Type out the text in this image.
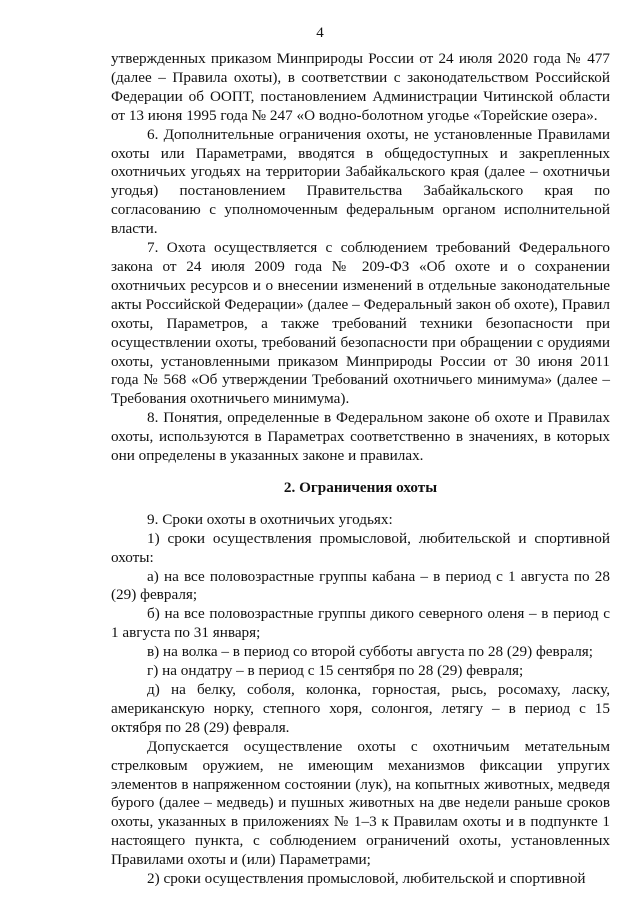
4

утвержденных приказом Минприроды России от 24 июля 2020 года № 477 (далее – Правила охоты), в соответствии с законодательством Российской Федерации об ООПТ, постановлением Администрации Читинской области от 13 июня 1995 года № 247 «О водно-болотном угодье «Торейские озера».

6. Дополнительные ограничения охоты, не установленные Правилами охоты или Параметрами, вводятся в общедоступных и закрепленных охотничьих угодьях на территории Забайкальского края (далее – охотничьи угодья) постановлением Правительства Забайкальского края по согласованию с уполномоченным федеральным органом исполнительной власти.

7. Охота осуществляется с соблюдением требований Федерального закона от 24 июля 2009 года № 209-ФЗ «Об охоте и о сохранении охотничьих ресурсов и о внесении изменений в отдельные законодательные акты Российской Федерации» (далее – Федеральный закон об охоте), Правил охоты, Параметров, а также требований техники безопасности при осуществлении охоты, требований безопасности при обращении с орудиями охоты, установленными приказом Минприроды России от 30 июня 2011 года № 568 «Об утверждении Требований охотничьего минимума» (далее – Требования охотничьего минимума).

8. Понятия, определенные в Федеральном законе об охоте и Правилах охоты, используются в Параметрах соответственно в значениях, в которых они определены в указанных законе и правилах.

2. Ограничения охоты

9. Сроки охоты в охотничьих угодьях:

1) сроки осуществления промысловой, любительской и спортивной охоты:

а) на все половозрастные группы кабана – в период с 1 августа по 28 (29) февраля;

б) на все половозрастные группы дикого северного оленя – в период с 1 августа по 31 января;

в) на волка – в период со второй субботы августа по 28 (29) февраля;

г) на ондатру – в период с 15 сентября по 28 (29) февраля;

д) на белку, соболя, колонка, горностая, рысь, росомаху, ласку, американскую норку, степного хоря, солонгоя, летягу – в период с 15 октября по 28 (29) февраля.

Допускается осуществление охоты с охотничьим метательным стрелковым оружием, не имеющим механизмов фиксации упругих элементов в напряженном состоянии (лук), на копытных животных, медведя бурого (далее – медведь) и пушных животных на две недели раньше сроков охоты, указанных в приложениях № 1–3 к Правилам охоты и в подпункте 1 настоящего пункта, с соблюдением ограничений охоты, установленных Правилами охоты и (или) Параметрами;

2) сроки осуществления промысловой, любительской и спортивной
